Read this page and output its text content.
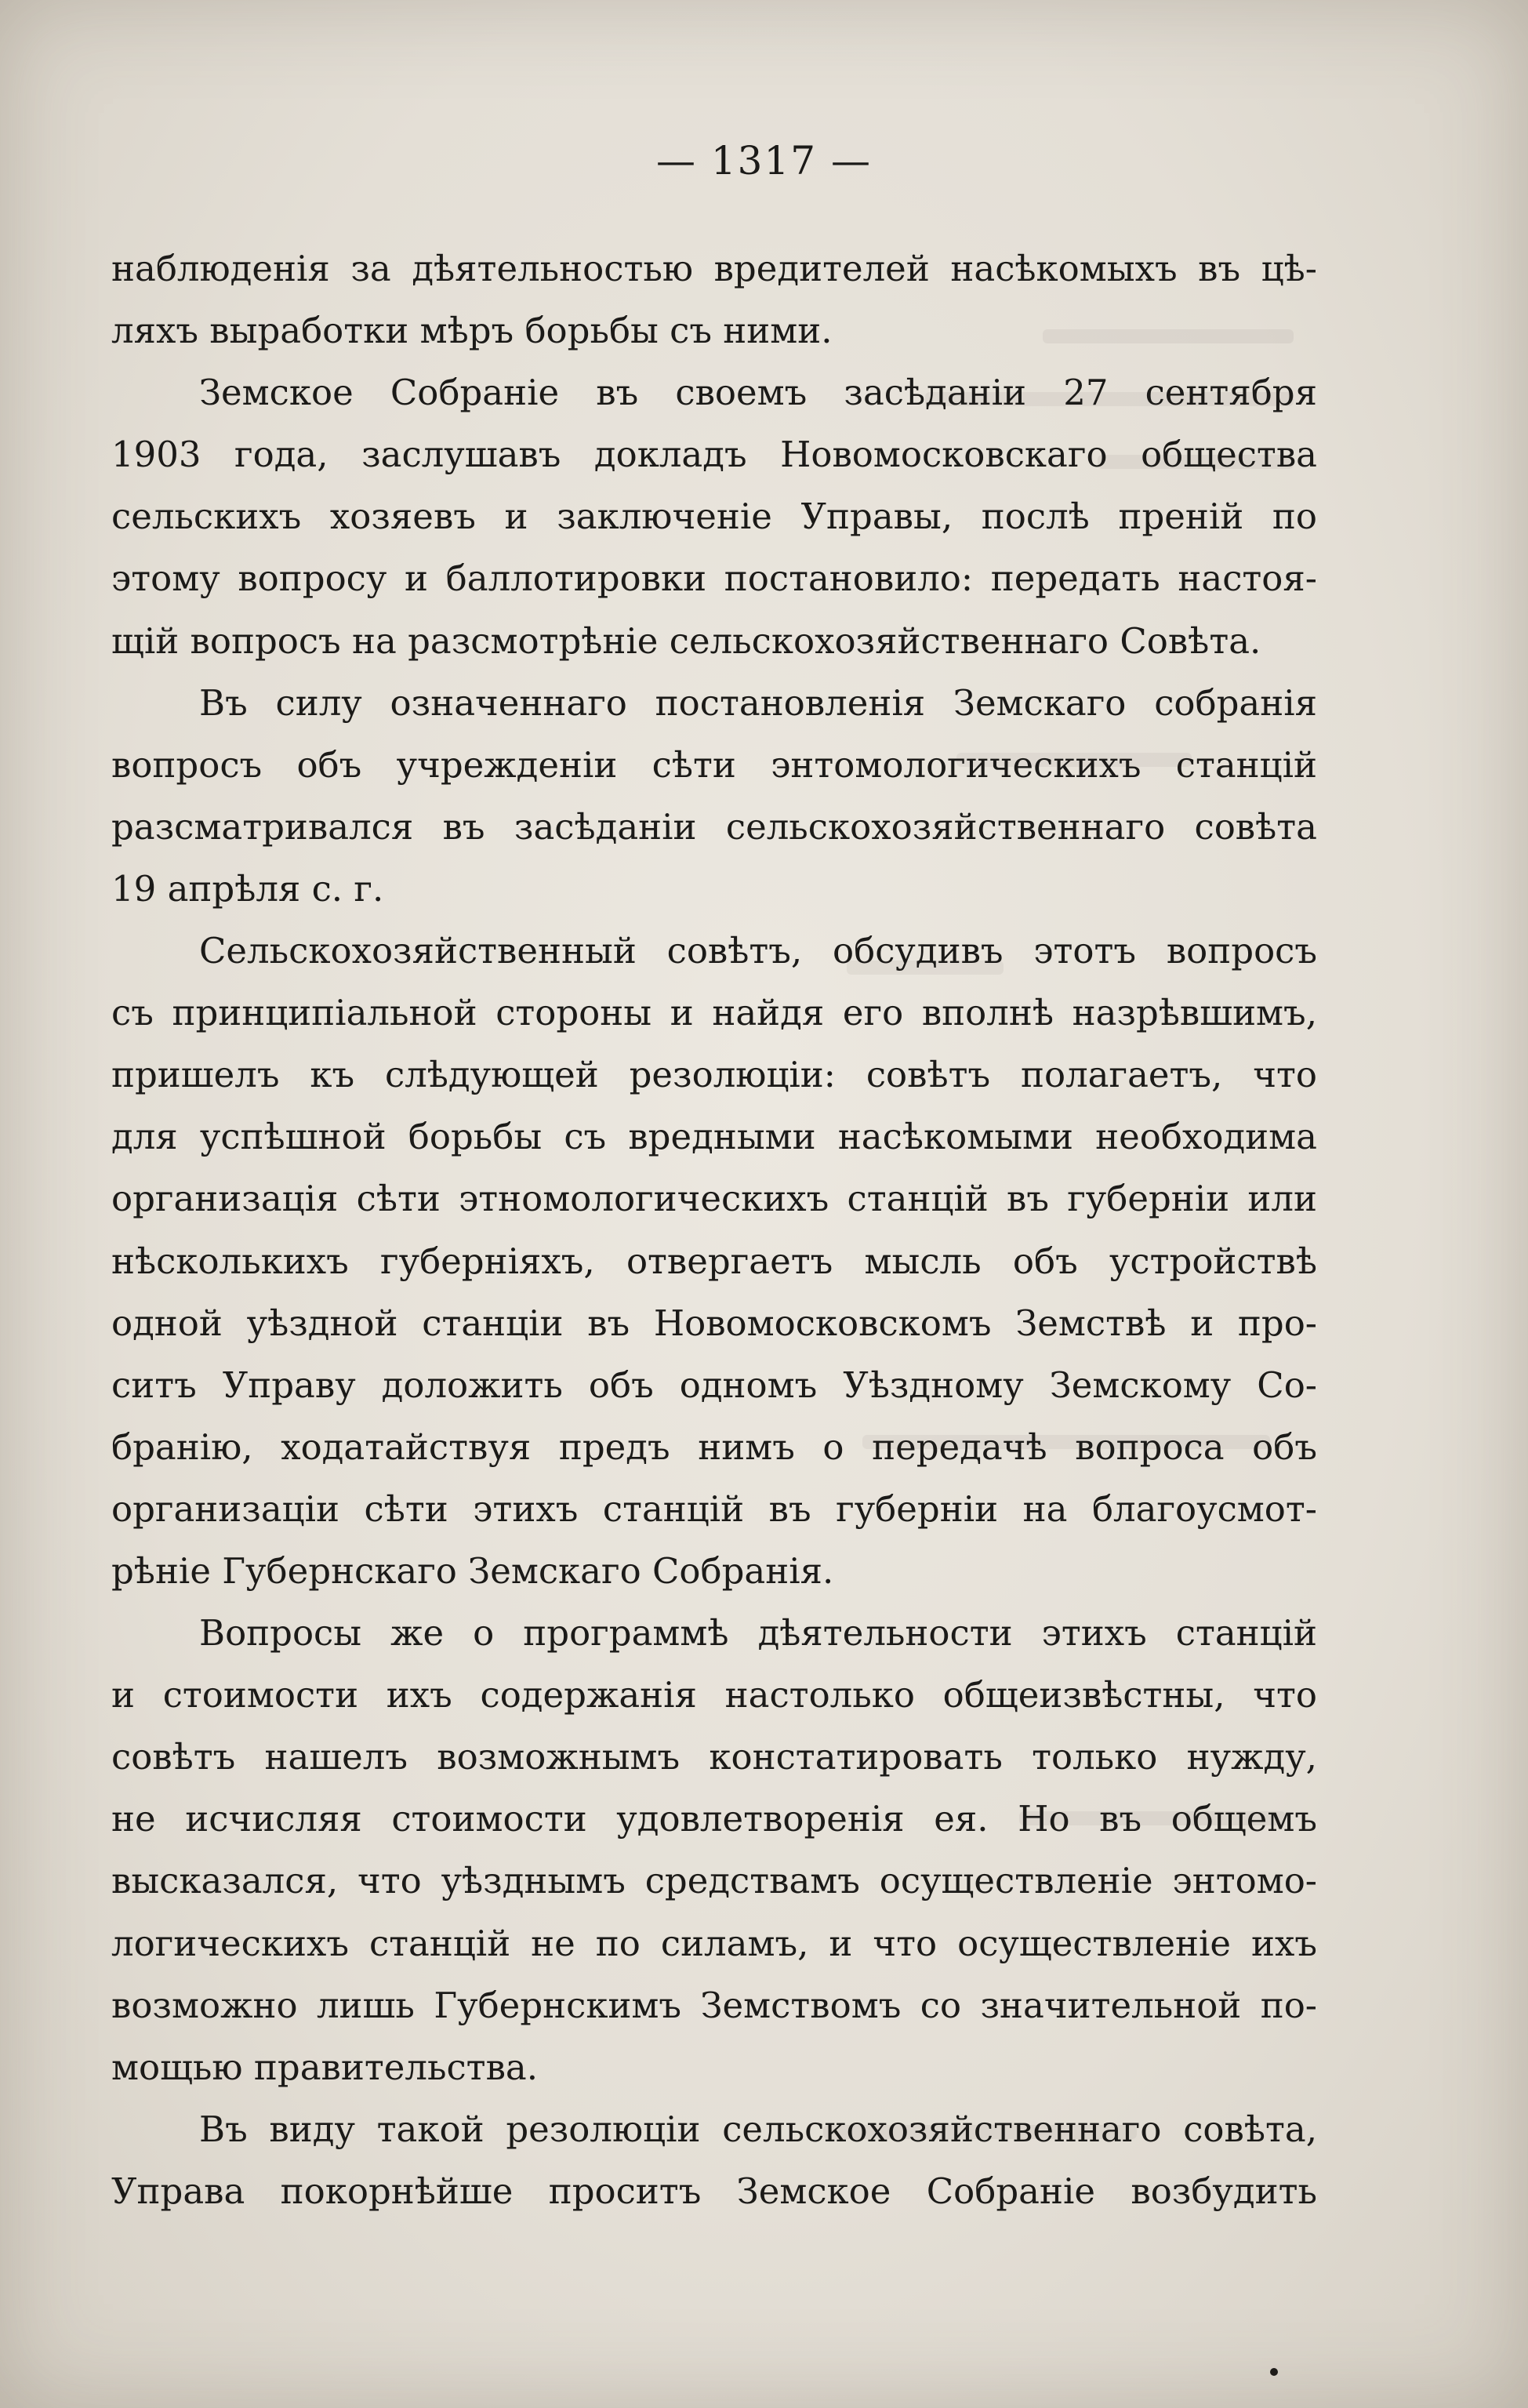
— 1317 —
наблюденія за дѣятельностью вредителей насѣкомыхъ въ цѣ-
ляхъ выработки мѣръ борьбы съ ними.
Земское Собраніе въ своемъ засѣданіи 27 сентября
1903 года, заслушавъ докладъ Новомосковскаго общества
сельскихъ хозяевъ и заключеніе Управы, послѣ преній по
этому вопросу и баллотировки постановило: передать настоя-
щій вопросъ на разсмотрѣніе сельскохозяйственнаго Совѣта.
Въ силу означеннаго постановленія Земскаго собранія
вопросъ объ учрежденіи сѣти энтомологическихъ станцій
разсматривался въ засѣданіи сельскохозяйственнаго совѣта
19 апрѣля с. г.
Сельскохозяйственный совѣтъ, обсудивъ этотъ вопросъ
съ принципіальной стороны и найдя его вполнѣ назрѣвшимъ,
пришелъ къ слѣдующей резолюціи: совѣтъ полагаетъ, что
для успѣшной борьбы съ вредными насѣкомыми необходима
организація сѣти этномологическихъ станцій въ губерніи или
нѣсколькихъ губерніяхъ, отвергаетъ мысль объ устройствѣ
одной уѣздной станціи въ Новомосковскомъ Земствѣ и про-
ситъ Управу доложить объ одномъ Уѣздному Земскому Со-
бранію, ходатайствуя предъ нимъ о передачѣ вопроса объ
организаціи сѣти этихъ станцій въ губерніи на благоусмот-
рѣніе Губернскаго Земскаго Собранія.
Вопросы же о программѣ дѣятельности этихъ станцій
и стоимости ихъ содержанія настолько общеизвѣстны, что
совѣтъ нашелъ возможнымъ констатировать только нужду,
не исчисляя стоимости удовлетворенія ея. Но въ общемъ
высказался, что уѣзднымъ средствамъ осуществленіе энтомо-
логическихъ станцій не по силамъ, и что осуществленіе ихъ
возможно лишь Губернскимъ Земствомъ со значительной по-
мощью правительства.
Въ виду такой резолюціи сельскохозяйственнаго совѣта,
Управа покорнѣйше проситъ Земское Собраніе возбудить
